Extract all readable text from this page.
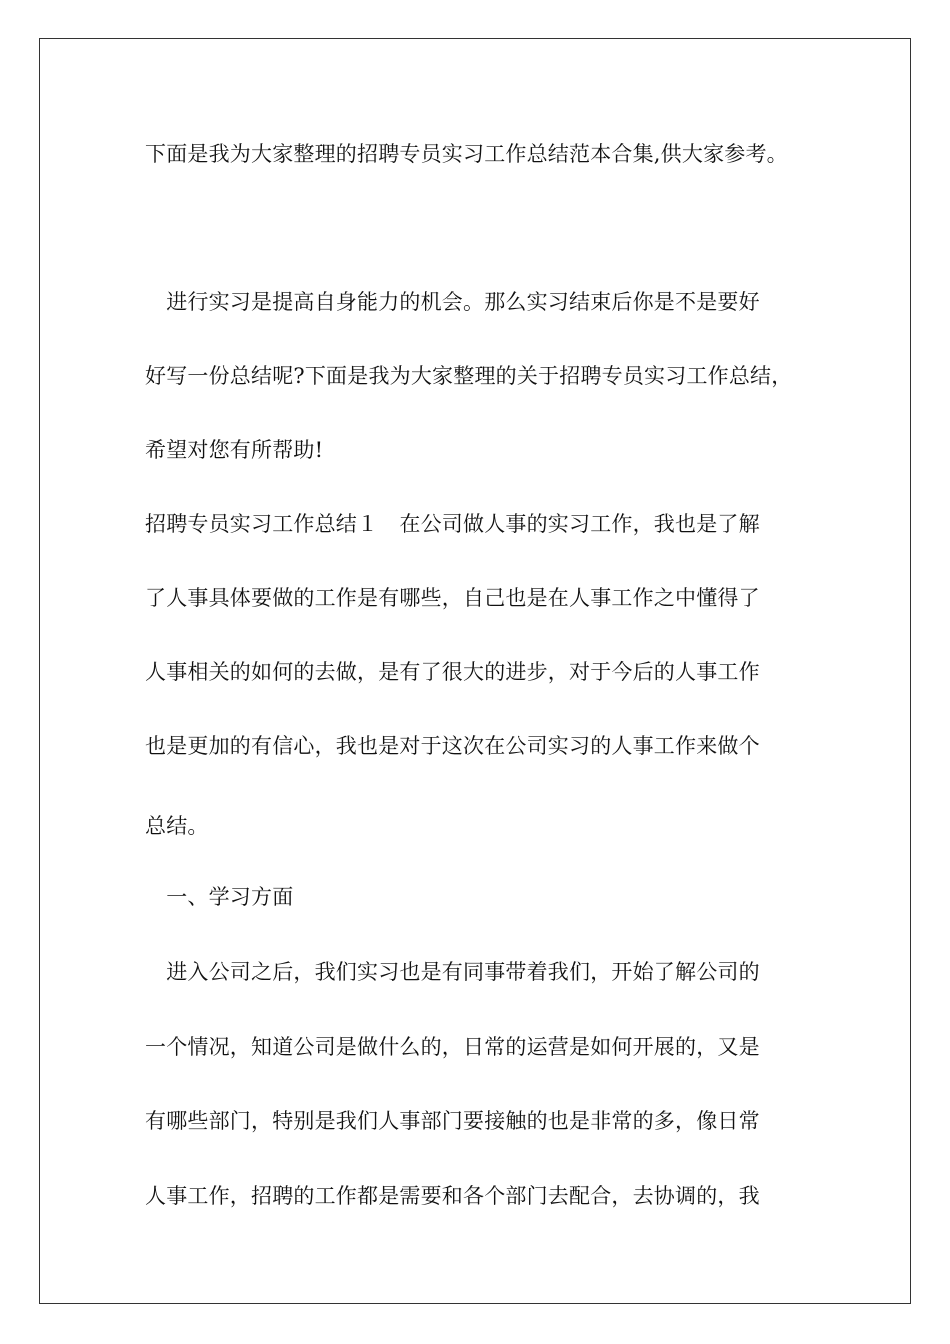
下面是我为大家整理的招聘专员实习工作总结范本合集,供大家参考。
　进行实习是提高自身能力的机会。那么实习结束后你是不是要好
好写一份总结呢?下面是我为大家整理的关于招聘专员实习工作总结，
希望对您有所帮助!
招聘专员实习工作总结１　在公司做人事的实习工作，我也是了解
了人事具体要做的工作是有哪些，自己也是在人事工作之中懂得了
人事相关的如何的去做，是有了很大的进步，对于今后的人事工作
也是更加的有信心，我也是对于这次在公司实习的人事工作来做个
总结。
　一、学习方面
　进入公司之后，我们实习也是有同事带着我们，开始了解公司的
一个情况，知道公司是做什么的，日常的运营是如何开展的，又是
有哪些部门，特别是我们人事部门要接触的也是非常的多，像日常
人事工作，招聘的工作都是需要和各个部门去配合，去协调的，我
